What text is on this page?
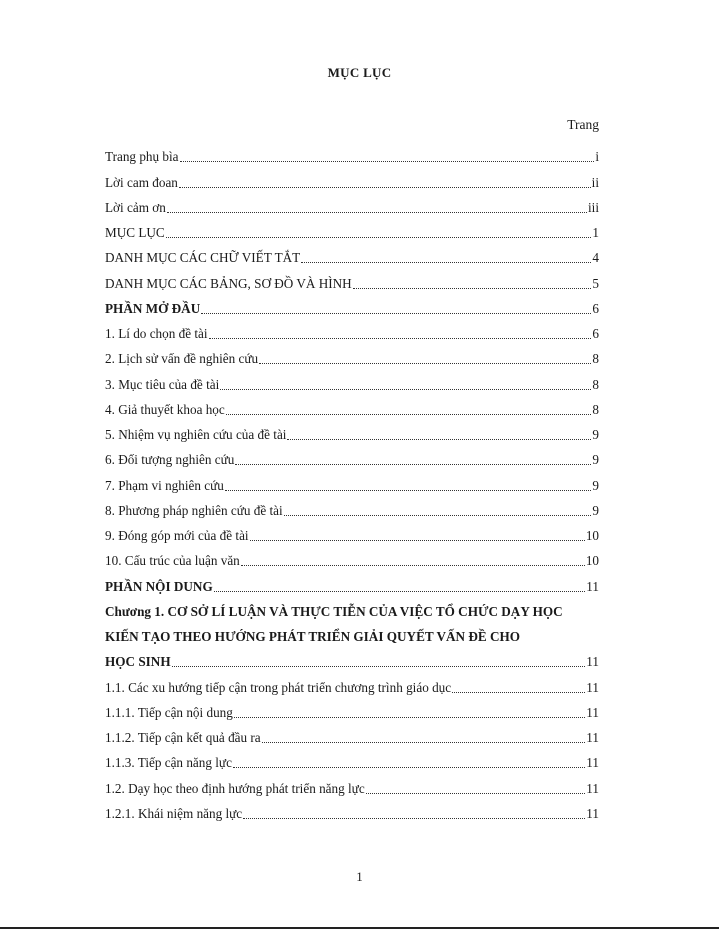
MỤC LỤC
Trang
Trang phụ bìa	i
Lời cam đoan	ii
Lời cảm ơn	iii
MỤC LỤC	1
DANH MỤC CÁC CHỮ VIẾT TẮT	4
DANH MỤC CÁC BẢNG, SƠ ĐỒ VÀ HÌNH	5
PHẦN MỞ ĐẦU	6
1. Lí do chọn đề tài	6
2. Lịch sử vấn đề nghiên cứu	8
3. Mục tiêu của đề tài	8
4. Giả thuyết khoa học	8
5. Nhiệm vụ nghiên cứu của đề tài	9
6. Đối tượng nghiên cứu	9
7. Phạm vi nghiên cứu	9
8. Phương pháp nghiên cứu đề tài	9
9. Đóng góp mới của đề tài	10
10. Cấu trúc của luận văn	10
PHẦN NỘI DUNG	11
Chương 1. CƠ SỞ LÍ LUẬN VÀ THỰC TIỄN CỦA VIỆC TỔ CHỨC DẠY HỌC
KIẾN TẠO THEO HƯỚNG PHÁT TRIỂN GIẢI QUYẾT VẤN ĐỀ CHO
HỌC SINH	11
1.1. Các xu hướng tiếp cận trong phát triển chương trình giáo dục	11
1.1.1. Tiếp cận nội dung	11
1.1.2. Tiếp cận kết quả đầu ra	11
1.1.3. Tiếp cận năng lực	11
1.2. Dạy học theo định hướng phát triển năng lực	11
1.2.1. Khái niệm năng lực	11
1
